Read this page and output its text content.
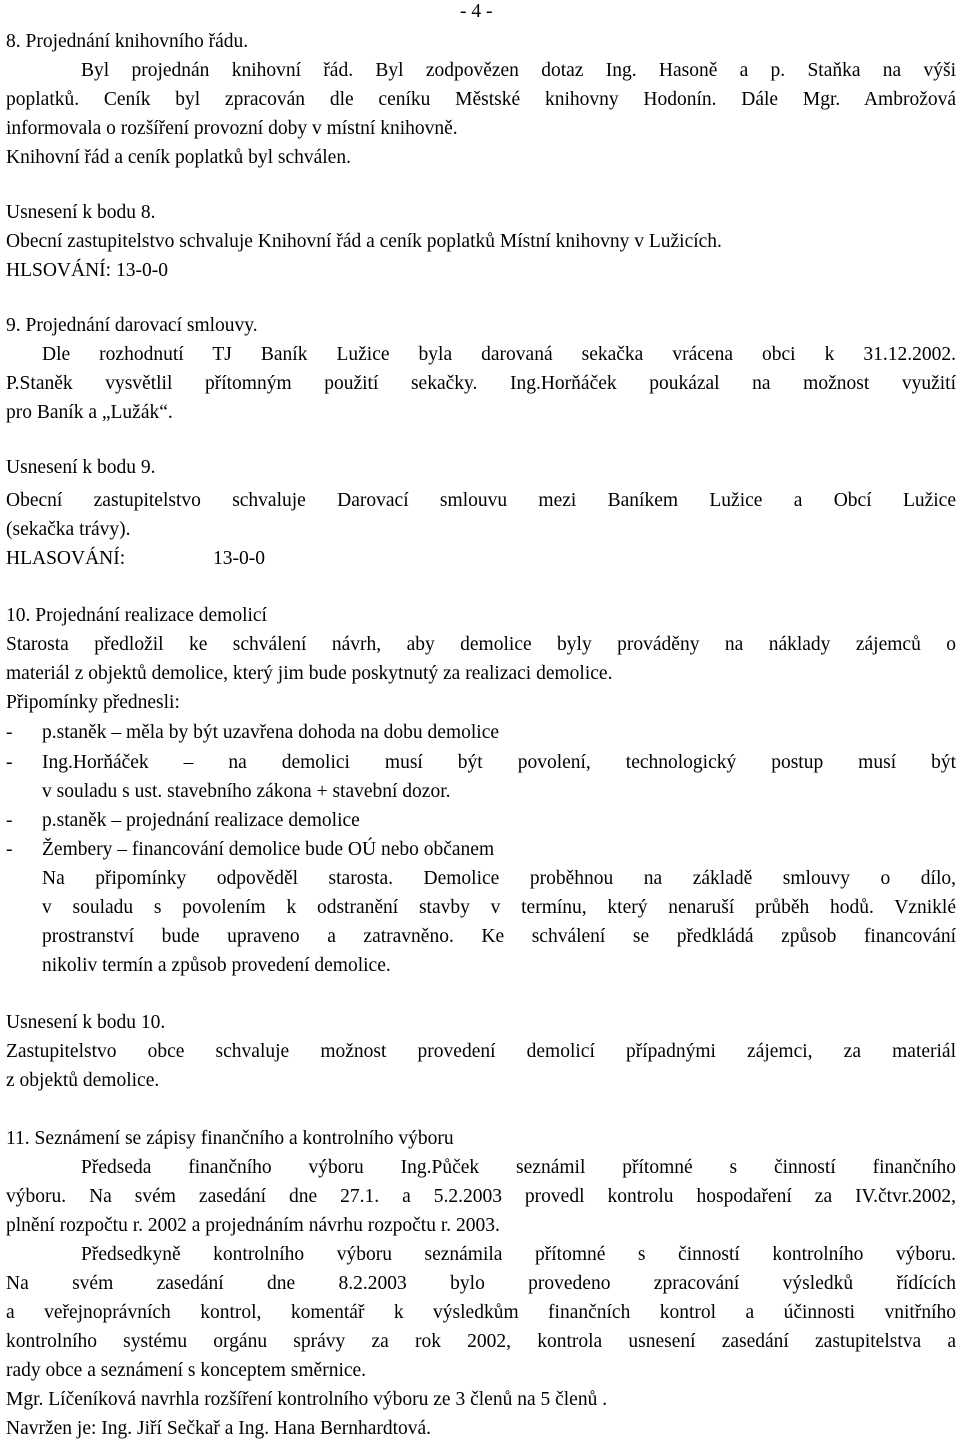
- 4 -

8. Projednání knihovního řádu.

Byl projednán knihovní řád. Byl zodpovězen dotaz Ing. Hasoně a p. Staňka na výši

poplatků. Ceník byl zpracován dle ceníku Městské knihovny Hodonín. Dále Mgr. Ambrožová

informovala o rozšíření provozní doby v místní knihovně.

Knihovní řád a ceník poplatků byl schválen.

Usnesení k bodu 8.

Obecní zastupitelstvo schvaluje Knihovní řád a ceník poplatků Místní knihovny v Lužicích.

HLSOVÁNÍ: 13-0-0

9. Projednání darovací smlouvy.

Dle rozhodnutí TJ Baník Lužice byla darovaná sekačka vrácena obci k 31.12.2002.

P.Staněk vysvětlil přítomným použití sekačky. Ing.Horňáček poukázal na možnost využití

pro Baník a „Lužák“.

Usnesení k bodu 9.

Obecní zastupitelstvo schvaluje Darovací smlouvu mezi Baníkem Lužice a Obcí Lužice

(sekačka trávy).

HLASOVÁNÍ:	13-0-0

10. Projednání realizace demolicí

Starosta předložil ke schválení návrh, aby demolice byly prováděny na náklady zájemců o

materiál z objektů demolice, který jim bude poskytnutý za realizaci demolice.

Připomínky přednesli:

- p.staněk – měla by být uzavřena dohoda na dobu demolice

- Ing.Horňáček – na demolici musí být povolení, technologický postup musí být

v souladu s ust. stavebního zákona + stavební dozor.

- p.staněk – projednání realizace demolice

- Žembery – financování demolice bude OÚ nebo občanem

Na připomínky odpověděl starosta. Demolice proběhnou na základě smlouvy o dílo,

v souladu s povolením k odstranění stavby v termínu, který nenaruší průběh hodů. Vzniklé

prostranství bude upraveno a zatravněno. Ke schválení se předkládá způsob financování

nikoliv termín a způsob provedení demolice.

Usnesení k bodu 10.

Zastupitelstvo obce schvaluje možnost provedení demolicí případnými zájemci, za materiál

z objektů demolice.

11. Seznámení se zápisy finančního a kontrolního výboru

Předseda finančního výboru Ing.Půček seznámil přítomné s činností finančního

výboru. Na svém zasedání dne 27.1. a 5.2.2003 provedl kontrolu hospodaření za IV.čtvr.2002,

plnění rozpočtu r. 2002 a projednáním návrhu rozpočtu r. 2003.

Předsedkyně kontrolního výboru seznámila přítomné s činností kontrolního výboru.

Na svém zasedání dne 8.2.2003 bylo provedeno zpracování výsledků řídících

a veřejnoprávních kontrol, komentář k výsledkům finančních kontrol a účinnosti vnitřního

kontrolního systému orgánu správy za rok 2002, kontrola usnesení zasedání zastupitelstva a

rady obce a seznámení s konceptem směrnice.

Mgr. Líčeníková navrhla rozšíření kontrolního výboru ze 3 členů na 5 členů .

Navržen je: Ing. Jiří Sečkař a Ing. Hana Bernhardtová.
